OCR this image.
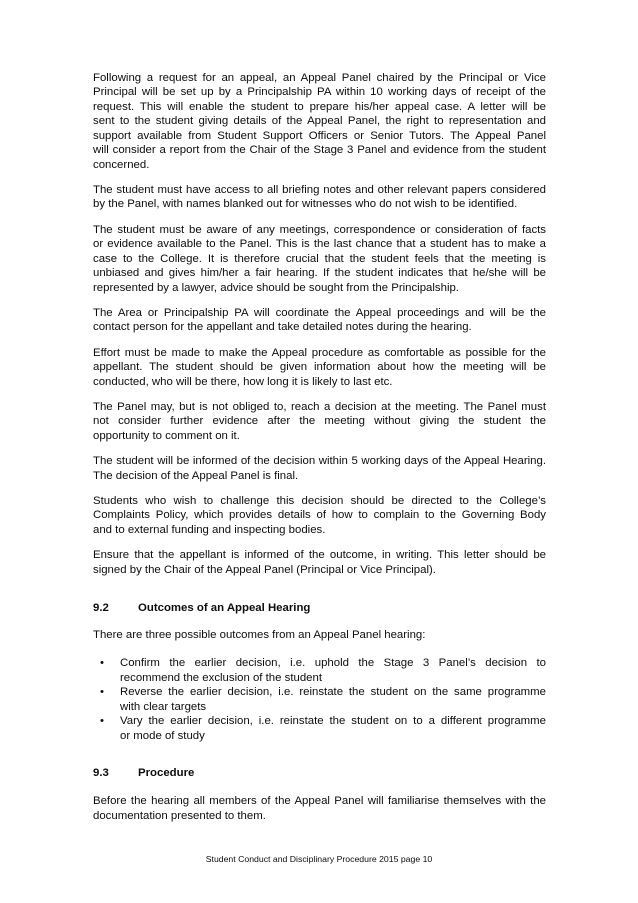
Following a request for an appeal, an Appeal Panel chaired by the Principal or Vice
Principal will be set up by a Principalship PA within 10 working days of receipt of the
request. This will enable the student to prepare his/her appeal case. A letter will be
sent to the student giving details of the Appeal Panel, the right to representation and
support available from Student Support Officers or Senior Tutors. The Appeal Panel
will consider a report from the Chair of the Stage 3 Panel and evidence from the student
concerned.
The student must have access to all briefing notes and other relevant papers considered
by the Panel, with names blanked out for witnesses who do not wish to be identified.
The student must be aware of any meetings, correspondence or consideration of facts
or evidence available to the Panel. This is the last chance that a student has to make a
case to the College. It is therefore crucial that the student feels that the meeting is
unbiased and gives him/her a fair hearing. If the student indicates that he/she will be
represented by a lawyer, advice should be sought from the Principalship.
The Area or Principalship PA will coordinate the Appeal proceedings and will be the
contact person for the appellant and take detailed notes during the hearing.
Effort must be made to make the Appeal procedure as comfortable as possible for the
appellant. The student should be given information about how the meeting will be
conducted, who will be there, how long it is likely to last etc.
The Panel may, but is not obliged to, reach a decision at the meeting. The Panel must
not consider further evidence after the meeting without giving the student the
opportunity to comment on it.
The student will be informed of the decision within 5 working days of the Appeal Hearing.
The decision of the Appeal Panel is final.
Students who wish to challenge this decision should be directed to the College’s
Complaints Policy, which provides details of how to complain to the Governing Body
and to external funding and inspecting bodies.
Ensure that the appellant is informed of the outcome, in writing. This letter should be
signed by the Chair of the Appeal Panel (Principal or Vice Principal).
9.2	Outcomes of an Appeal Hearing
There are three possible outcomes from an Appeal Panel hearing:
•
Confirm the earlier decision, i.e. uphold the Stage 3 Panel’s decision to
recommend the exclusion of the student
•
Reverse the earlier decision, i.e. reinstate the student on the same programme
with clear targets
•
Vary the earlier decision, i.e. reinstate the student on to a different programme
or mode of study
9.3	Procedure
Before the hearing all members of the Appeal Panel will familiarise themselves with the
documentation presented to them.
Student Conduct and Disciplinary Procedure 2015 page 10
